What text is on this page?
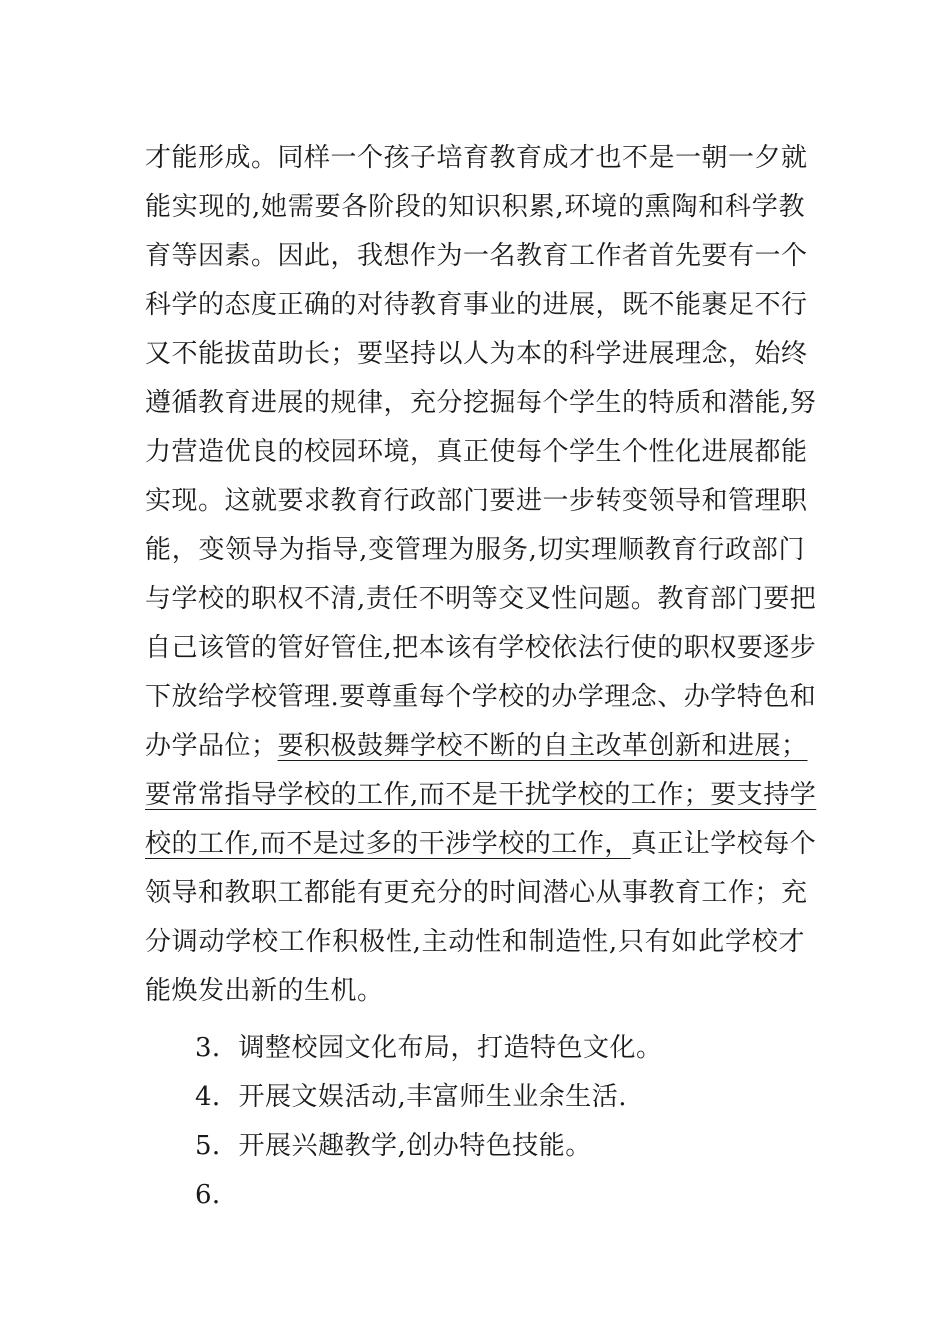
才能形成。同样一个孩子培育教育成才也不是一朝一夕就
能实现的,她需要各阶段的知识积累,环境的熏陶和科学教
育等因素。因此，我想作为一名教育工作者首先要有一个
科学的态度正确的对待教育事业的进展，既不能裹足不行
又不能拔苗助长；要坚持以人为本的科学进展理念，始终
遵循教育进展的规律，充分挖掘每个学生的特质和潜能,努
力营造优良的校园环境，真正使每个学生个性化进展都能
实现。这就要求教育行政部门要进一步转变领导和管理职
能，变领导为指导,变管理为服务,切实理顺教育行政部门
与学校的职权不清,责任不明等交叉性问题。教育部门要把
自己该管的管好管住,把本该有学校依法行使的职权要逐步
下放给学校管理.要尊重每个学校的办学理念、办学特色和
办学品位；要积极鼓舞学校不断的自主改革创新和进展；
要常常指导学校的工作,而不是干扰学校的工作；要支持学
校的工作,而不是过多的干涉学校的工作，真正让学校每个
领导和教职工都能有更充分的时间潜心从事教育工作；充
分调动学校工作积极性,主动性和制造性,只有如此学校才
能焕发出新的生机。
3．调整校园文化布局，打造特色文化。
4．开展文娱活动,丰富师生业余生活.
5．开展兴趣教学,创办特色技能。
6．
